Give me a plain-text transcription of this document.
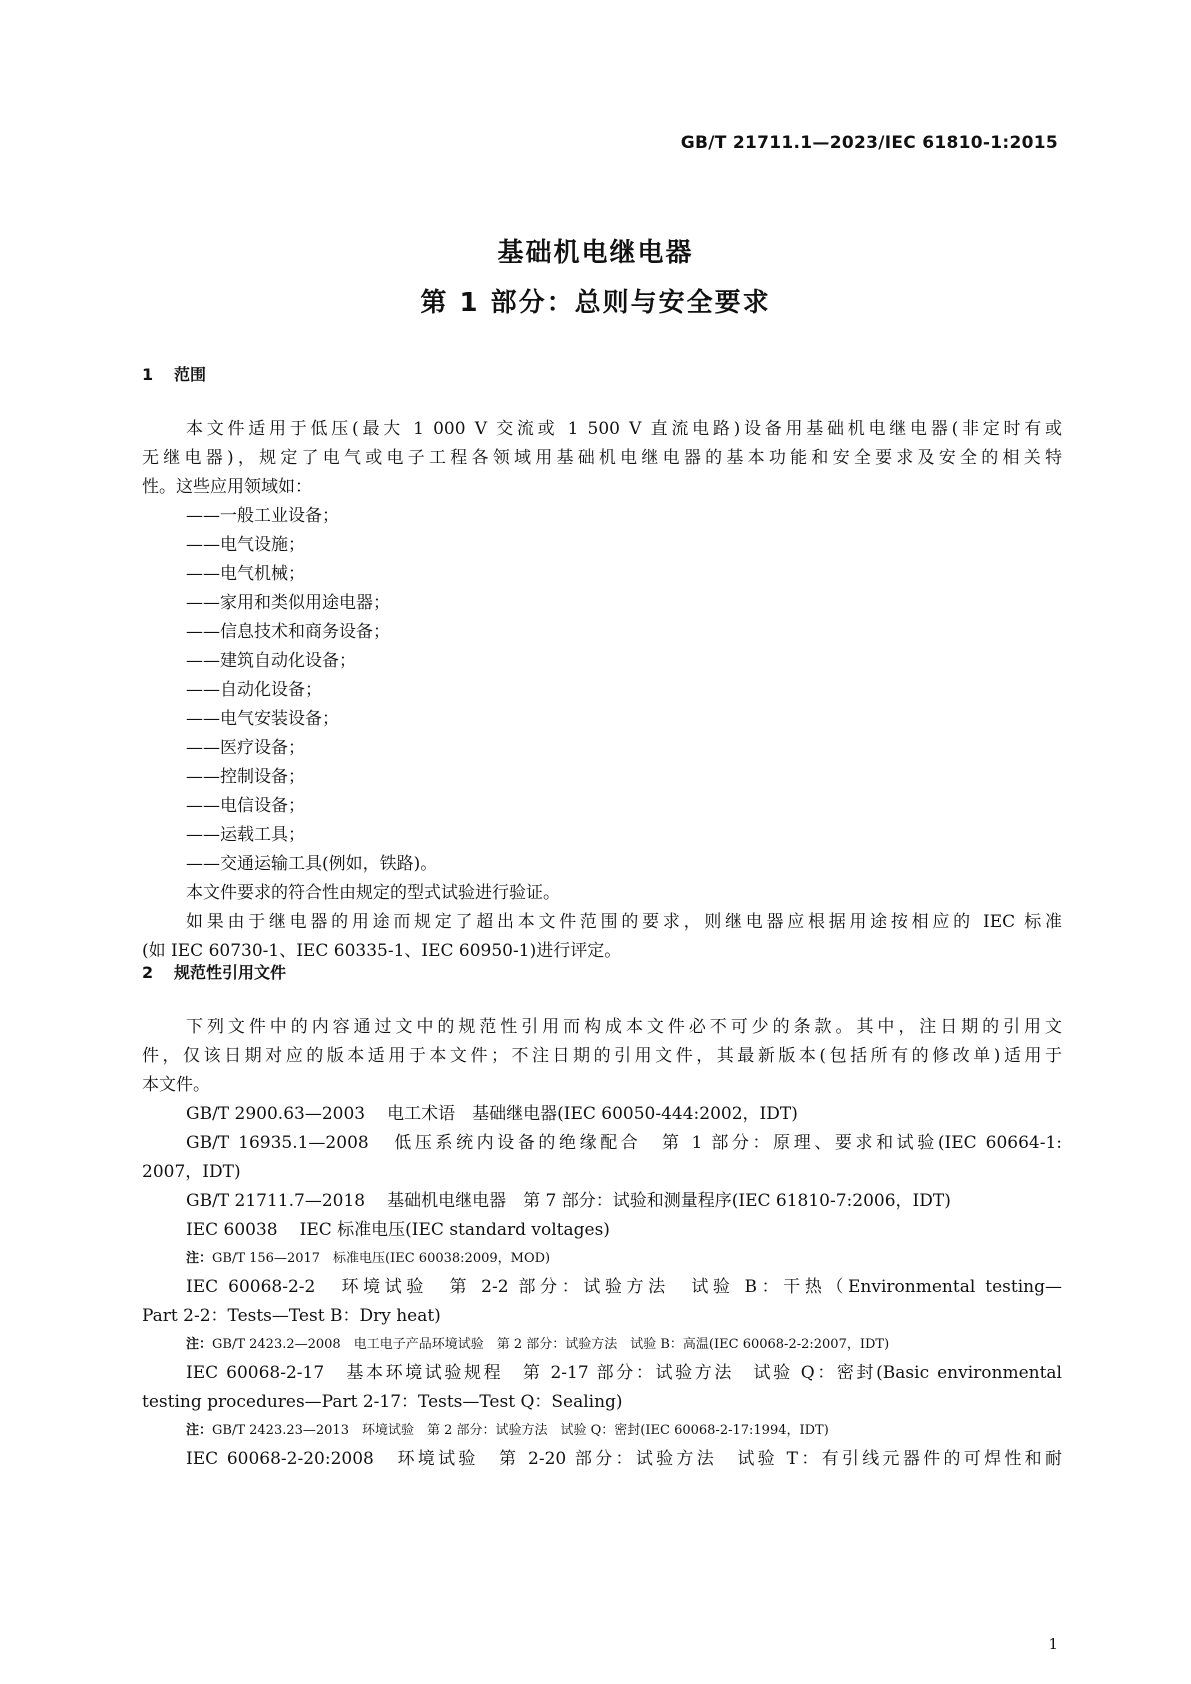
GB/T 21711.1—2023/IEC 61810-1:2015
基础机电继电器
第 1 部分：总则与安全要求
1 范围

本文件适用于低压(最大 1 000 V 交流或 1 500 V 直流电路)设备用基础机电继电器(非定时有或

无继电器)，规定了电气或电子工程各领域用基础机电继电器的基本功能和安全要求及安全的相关特

性。这些应用领域如：

——一般工业设备；

——电气设施；

——电气机械；

——家用和类似用途电器；

——信息技术和商务设备；

——建筑自动化设备；

——自动化设备；

——电气安装设备；

——医疗设备；

——控制设备；

——电信设备；

——运载工具；

——交通运输工具(例如，铁路)。

本文件要求的符合性由规定的型式试验进行验证。

如果由于继电器的用途而规定了超出本文件范围的要求，则继电器应根据用途按相应的 IEC 标准

(如 IEC 60730-1、IEC 60335-1、IEC 60950-1)进行评定。

2 规范性引用文件

下列文件中的内容通过文中的规范性引用而构成本文件必不可少的条款。其中，注日期的引用文

件，仅该日期对应的版本适用于本文件；不注日期的引用文件，其最新版本(包括所有的修改单)适用于

本文件。

GB/T 2900.63—2003 电工术语　基础继电器(IEC 60050-444:2002，IDT)

GB/T 16935.1—2008 低压系统内设备的绝缘配合　第 1 部分：原理、要求和试验(IEC 60664-1:

2007，IDT)

GB/T 21711.7—2018 基础机电继电器　第 7 部分：试验和测量程序(IEC 61810-7:2006，IDT)

IEC 60038 IEC 标准电压(IEC standard voltages)

注：GB/T 156—2017　标准电压(IEC 60038:2009，MOD)

IEC 60068-2-2　环境试验　第 2-2 部分：试验方法　试验 B：干热（Environmental testing—

Part 2-2：Tests—Test B：Dry heat)

注：GB/T 2423.2—2008　电工电子产品环境试验　第 2 部分：试验方法　试验 B：高温(IEC 60068-2-2:2007，IDT)

IEC 60068-2-17　基本环境试验规程　第 2-17 部分：试验方法　试验 Q：密封(Basic environmental

testing procedures—Part 2-17：Tests—Test Q：Sealing)

注：GB/T 2423.23—2013　环境试验　第 2 部分：试验方法　试验 Q：密封(IEC 60068-2-17:1994，IDT)

IEC 60068-2-20:2008　环境试验　第 2-20 部分：试验方法　试验 T：有引线元器件的可焊性和耐

1
